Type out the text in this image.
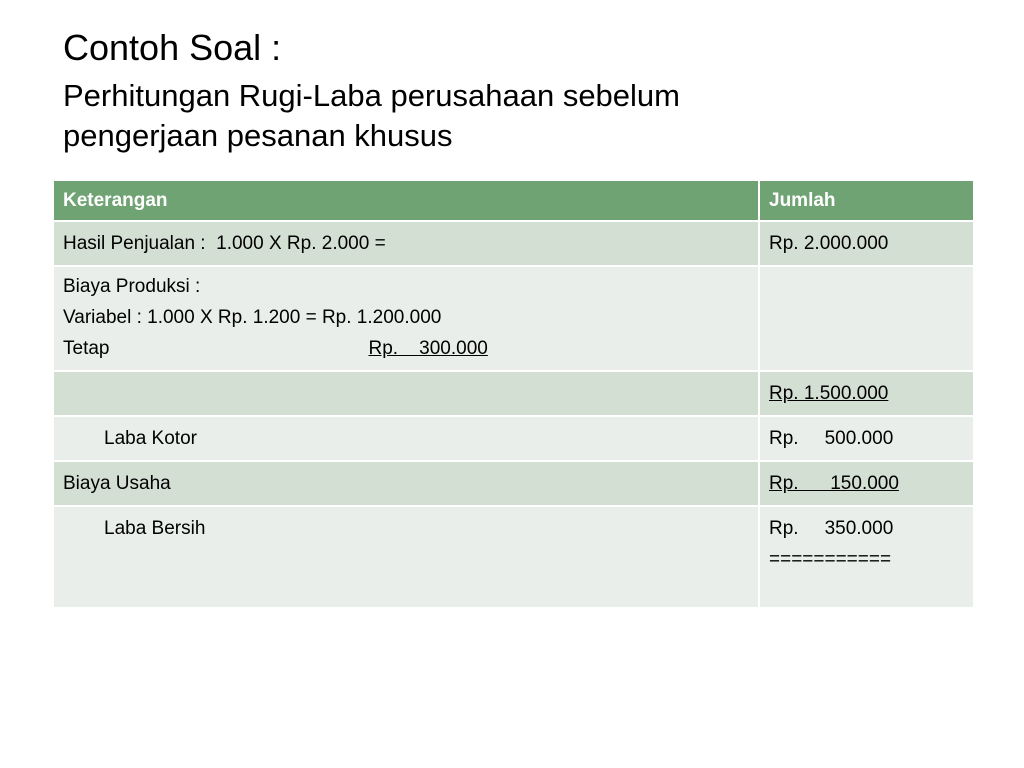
Contoh Soal :
Perhitungan Rugi-Laba perusahaan sebelum pengerjaan pesanan khusus
Keterangan	Jumlah
Hasil Penjualan :  1.000 X Rp. 2.000 =	Rp. 2.000.000

Biaya Produksi :
Variabel : 1.000 X Rp. 1.200 = Rp. 1.200.000
Tetap Rp.    300.000	

	Rp. 1.500.000
Laba Kotor	Rp. 500.000
Biaya Usaha	Rp.      150.000
Laba Bersih	Rp. 350.000
===========
